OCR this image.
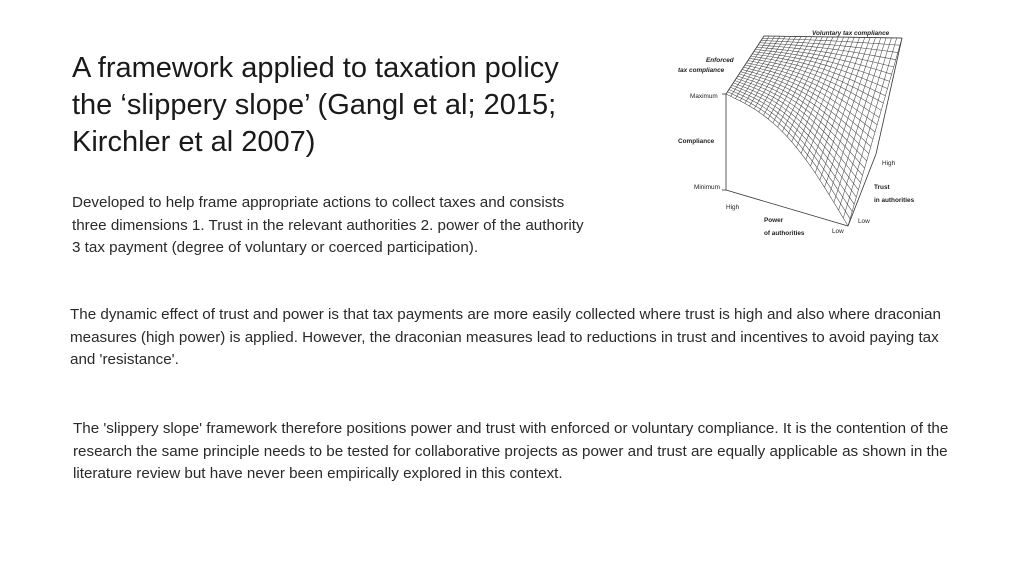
A framework applied to taxation policy
the ‘slippery slope’ (Gangl et al; 2015;
Kirchler et al 2007)

Developed to help frame appropriate actions to collect taxes and consists
three dimensions 1. Trust in the relevant authorities 2. power of the authority
3 tax payment (degree of voluntary or coerced participation).

Voluntary tax compliance
Enforced
tax compliance
Maximum
Compliance
Minimum
High
Power
of authorities	Low
Low
High
Trust
in authorities

The dynamic effect of trust and power is that tax payments are more easily collected where trust is high and also where draconian measures (high power) is applied. However, the draconian measures lead to reductions in trust and incentives to avoid paying tax and 'resistance'.

The 'slippery slope' framework therefore positions power and trust with enforced or voluntary compliance. It is the contention of the research the same principle needs to be tested for collaborative projects as power and trust are equally applicable as shown in the literature review but have never been empirically explored in this context.
